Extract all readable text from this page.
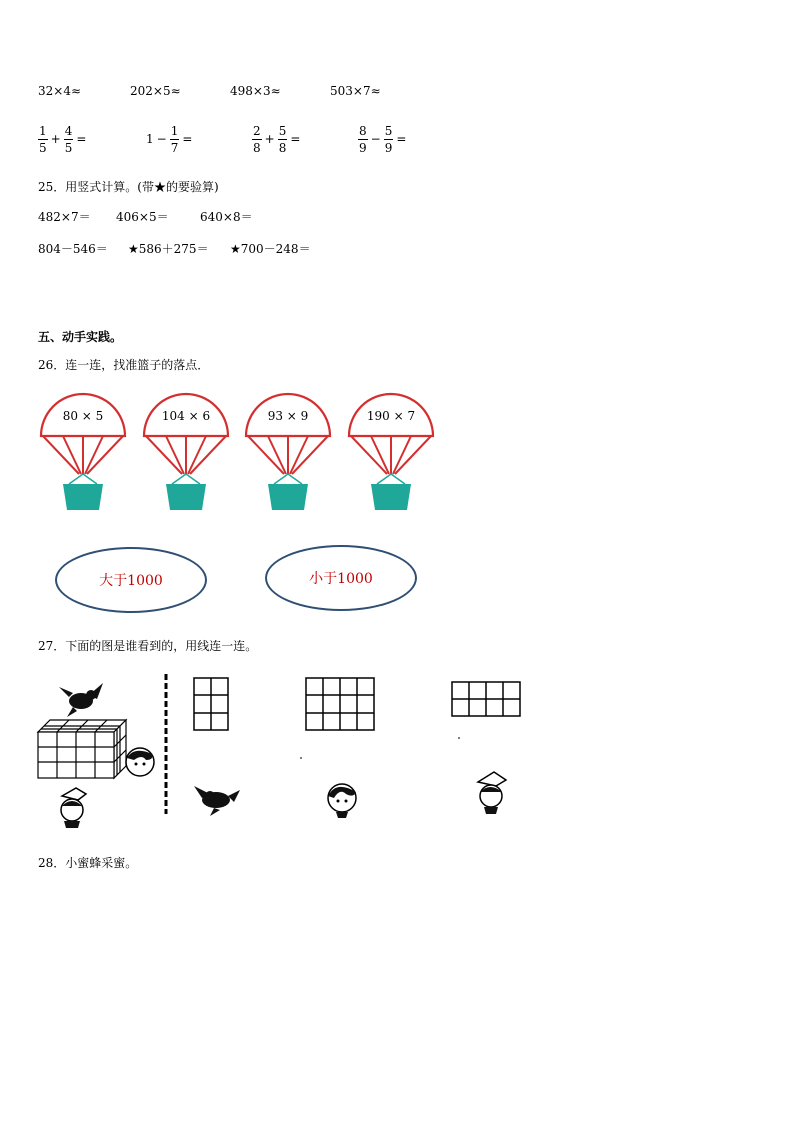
32×4≈	202×5≈	498×3≈	503×7≈
$\frac{1}{5} + \frac{4}{5}$ =	$1 - \frac{1}{7}$ =	$\frac{2}{8} + \frac{5}{8}$ =	$\frac{8}{9} - \frac{5}{9}$ =
25．用竖式计算。(带★的要验算)
482×7＝ 406×5＝	640×8＝
804－546＝ ★586＋275＝ ★700－248＝
五、动手实践。
26．连一连，找准篮子的落点．
80 × 5	104 × 6	93 × 9	190 × 7
大于1000	小于1000
27．下面的图是谁看到的，用线连一连。
28．小蜜蜂采蜜。
